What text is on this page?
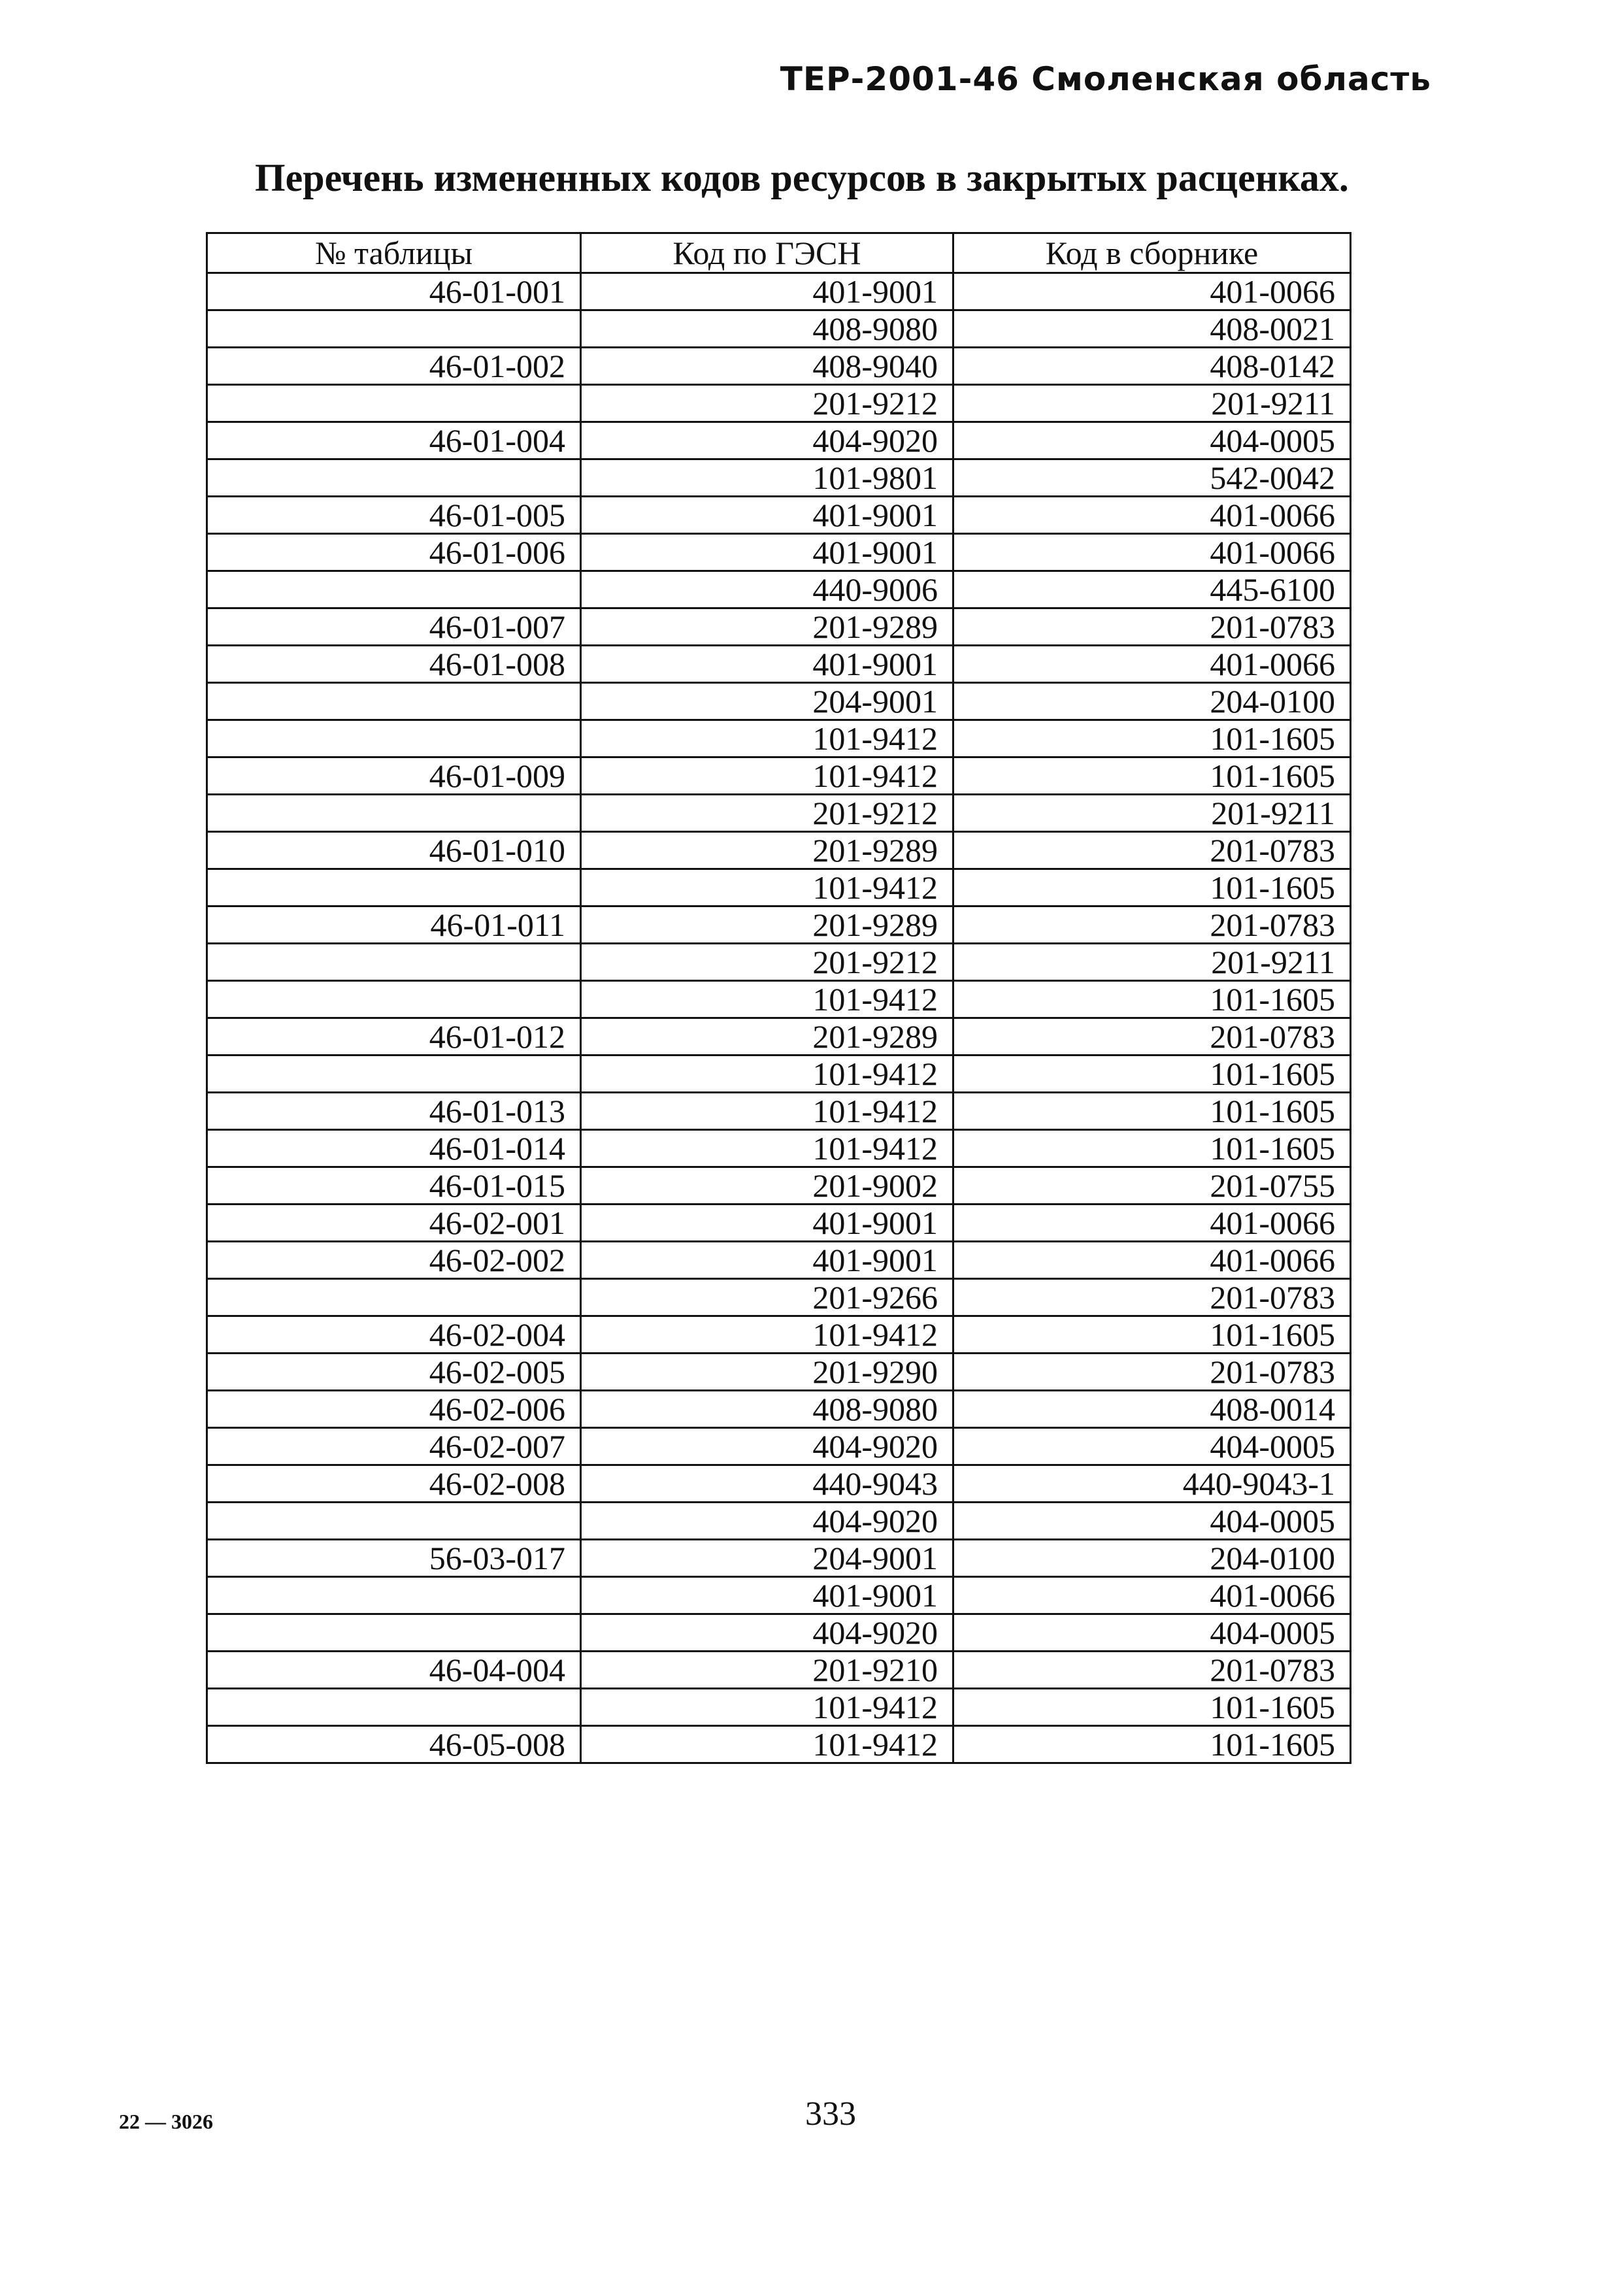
ТЕР-2001-46 Смоленская область
Перечень измененных кодов ресурсов в закрытых расценках.
№ таблицы	Код по ГЭСН	Код в сборнике
46-01-001	401-9001	401-0066
	408-9080	408-0021
46-01-002	408-9040	408-0142
	201-9212	201-9211
46-01-004	404-9020	404-0005
	101-9801	542-0042
46-01-005	401-9001	401-0066
46-01-006	401-9001	401-0066
	440-9006	445-6100
46-01-007	201-9289	201-0783
46-01-008	401-9001	401-0066
	204-9001	204-0100
	101-9412	101-1605
46-01-009	101-9412	101-1605
	201-9212	201-9211
46-01-010	201-9289	201-0783
	101-9412	101-1605
46-01-011	201-9289	201-0783
	201-9212	201-9211
	101-9412	101-1605
46-01-012	201-9289	201-0783
	101-9412	101-1605
46-01-013	101-9412	101-1605
46-01-014	101-9412	101-1605
46-01-015	201-9002	201-0755
46-02-001	401-9001	401-0066
46-02-002	401-9001	401-0066
	201-9266	201-0783
46-02-004	101-9412	101-1605
46-02-005	201-9290	201-0783
46-02-006	408-9080	408-0014
46-02-007	404-9020	404-0005
46-02-008	440-9043	440-9043-1
	404-9020	404-0005
56-03-017	204-9001	204-0100
	401-9001	401-0066
	404-9020	404-0005
46-04-004	201-9210	201-0783
	101-9412	101-1605
46-05-008	101-9412	101-1605
22 — 3026	333
